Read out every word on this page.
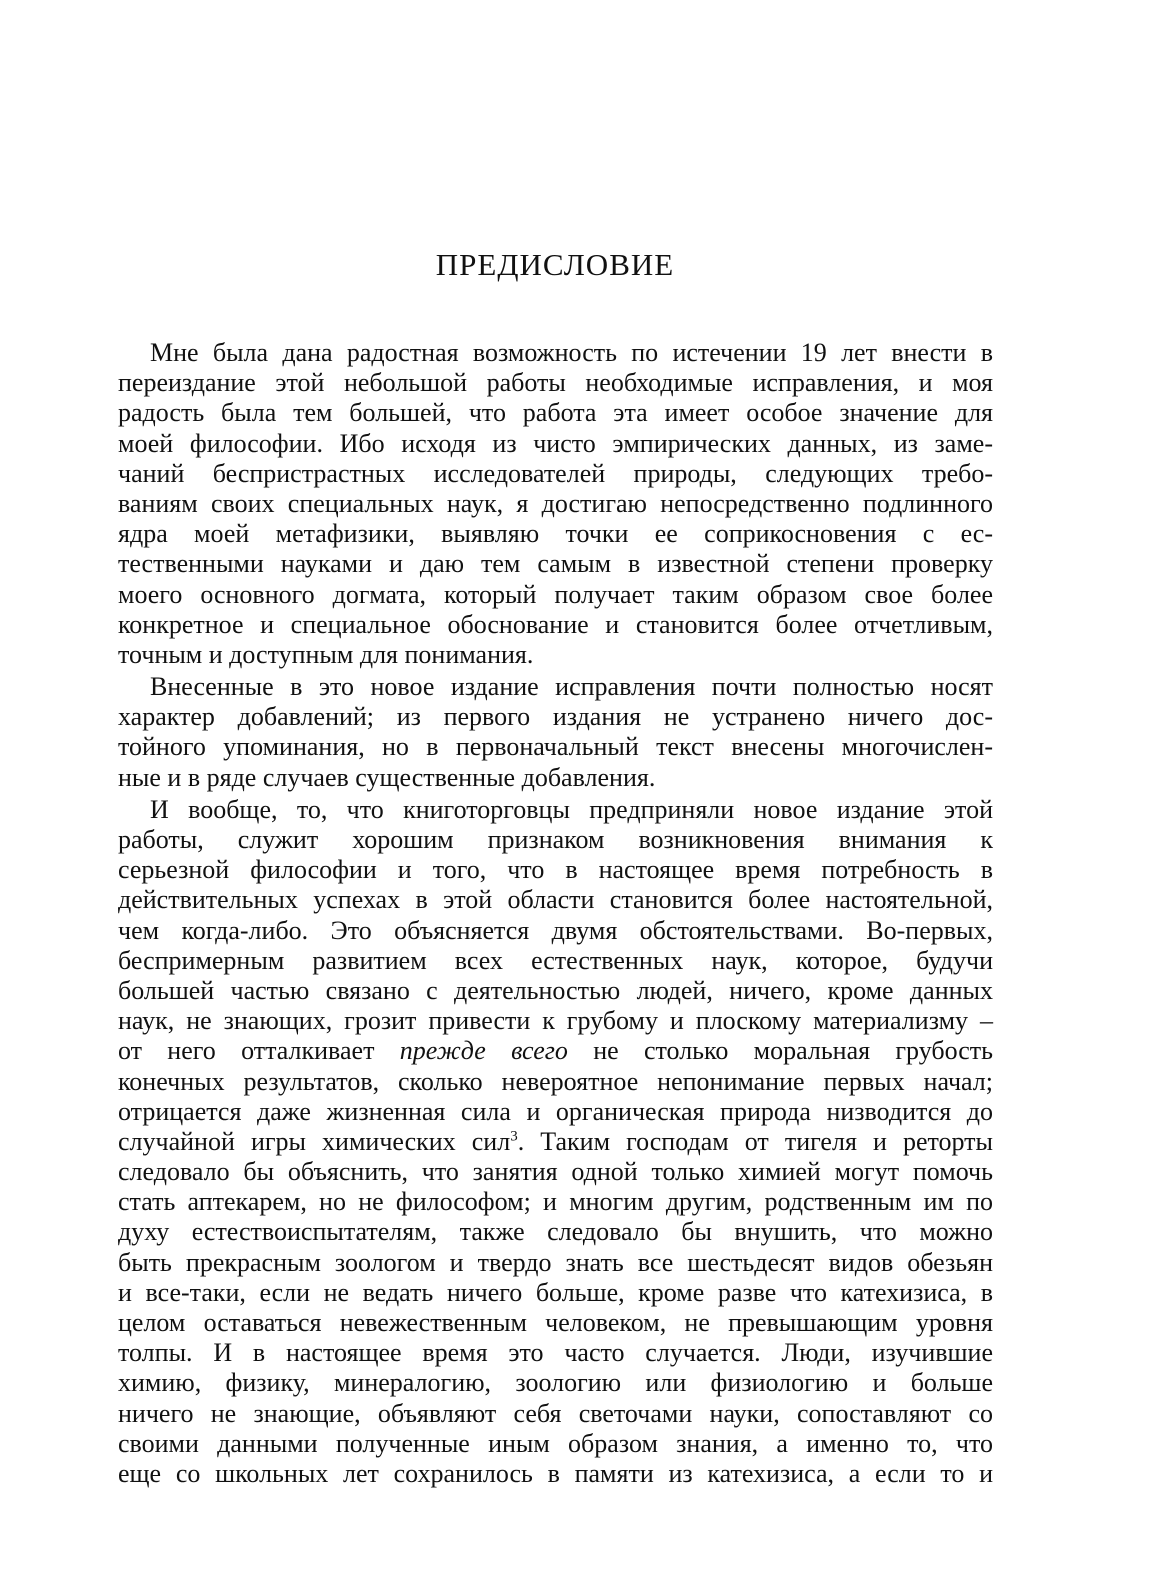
ПРЕДИСЛОВИЕ
Мне была дана радостная возможность по истечении 19 лет внести в
переиздание этой небольшой работы необходимые исправления, и моя
радость была тем большей, что работа эта имеет особое значение для
моей философии. Ибо исходя из чисто эмпирических данных, из заме-
чаний беспристрастных исследователей природы, следующих требо-
ваниям своих специальных наук, я достигаю непосредственно подлинного
ядра моей метафизики, выявляю точки ее соприкосновения с ес-
тественными науками и даю тем самым в известной степени проверку
моего основного догмата, который получает таким образом свое более
конкретное и специальное обоснование и становится более отчетливым,
точным и доступным для понимания.
Внесенные в это новое издание исправления почти полностью носят
характер добавлений; из первого издания не устранено ничего дос-
тойного упоминания, но в первоначальный текст внесены многочислен-
ные и в ряде случаев существенные добавления.
И вообще, то, что книготорговцы предприняли новое издание этой
работы, служит хорошим признаком возникновения внимания к
серьезной философии и того, что в настоящее время потребность в
действительных успехах в этой области становится более настоятельной,
чем когда-либо. Это объясняется двумя обстоятельствами. Во-первых,
беспримерным развитием всех естественных наук, которое, будучи
большей частью связано с деятельностью людей, ничего, кроме данных
наук, не знающих, грозит привести к грубому и плоскому материализму –
от него отталкивает прежде всего не столько моральная грубость
конечных результатов, сколько невероятное непонимание первых начал;
отрицается даже жизненная сила и органическая природа низводится до
случайной игры химических сил$^3$. Таким господам от тигеля и реторты
следовало бы объяснить, что занятия одной только химией могут помочь
стать аптекарем, но не философом; и многим другим, родственным им по
духу естествоиспытателям, также следовало бы внушить, что можно
быть прекрасным зоологом и твердо знать все шестьдесят видов обезьян
и все-таки, если не ведать ничего больше, кроме разве что катехизиса, в
целом оставаться невежественным человеком, не превышающим уровня
толпы. И в настоящее время это часто случается. Люди, изучившие
химию, физику, минералогию, зоологию или физиологию и больше
ничего не знающие, объявляют себя светочами науки, сопоставляют со
своими данными полученные иным образом знания, а именно то, что
еще со школьных лет сохранилось в памяти из катехизиса, а если то и
